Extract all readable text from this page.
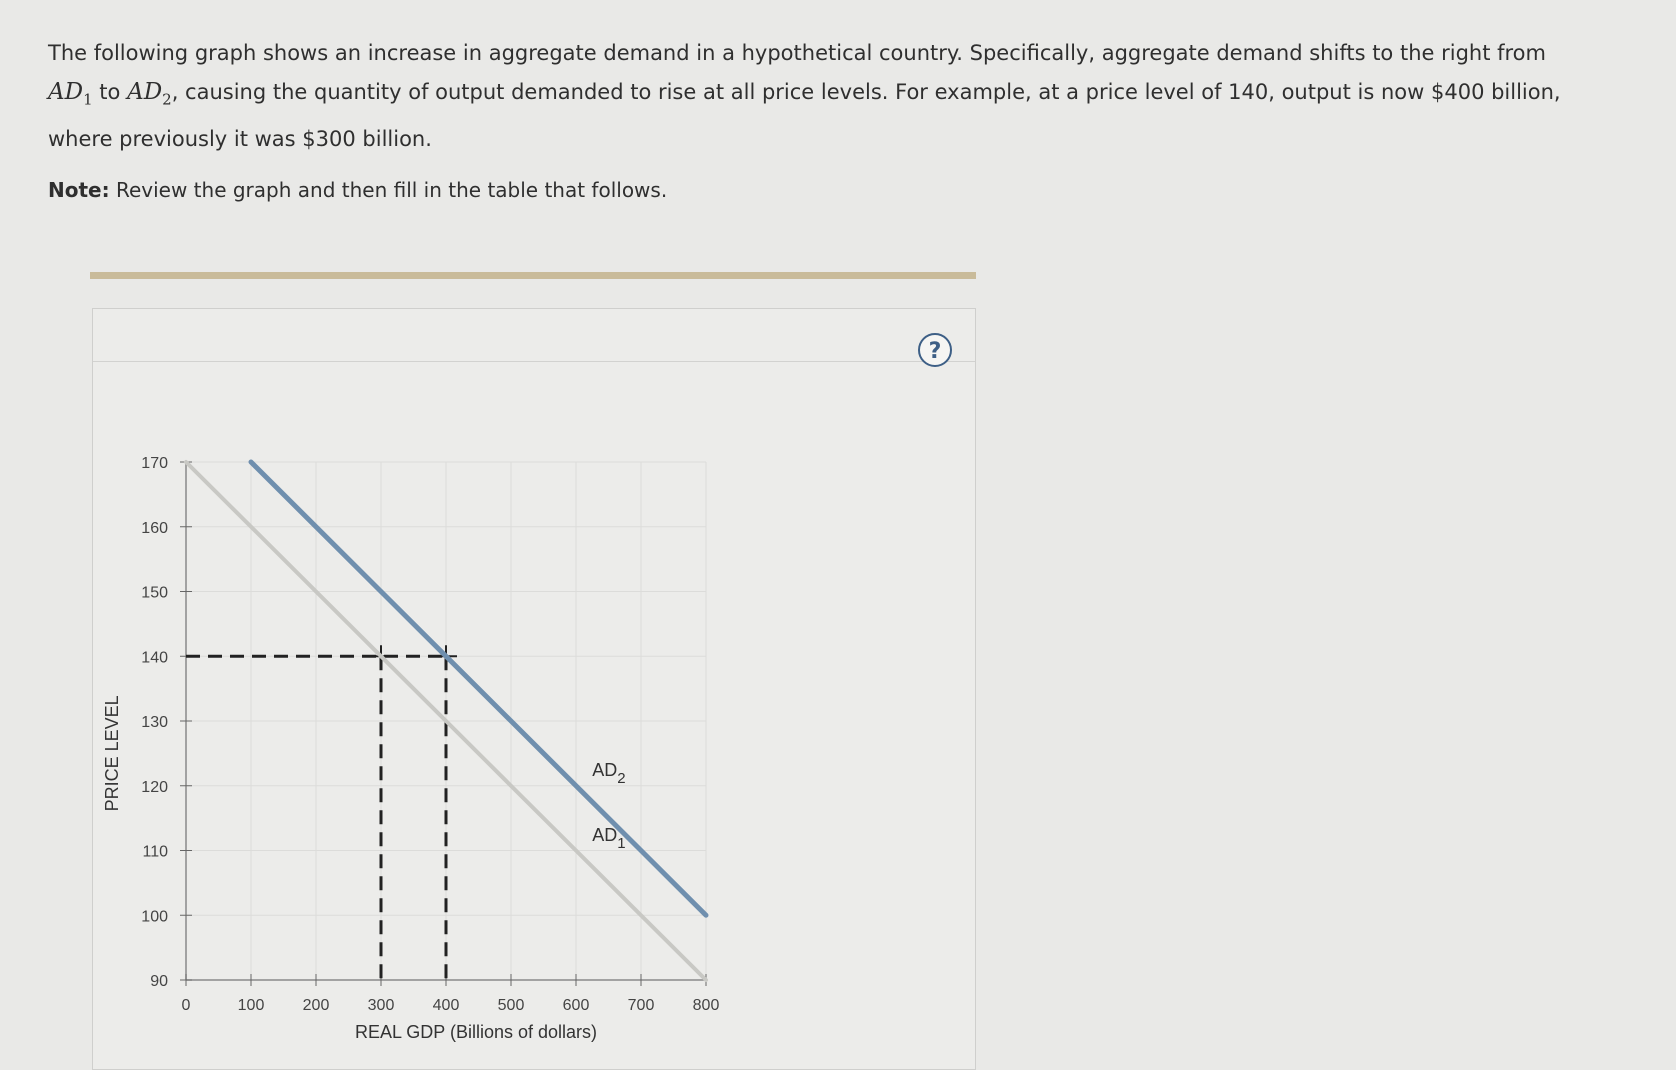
The following graph shows an increase in aggregate demand in a hypothetical country. Specifically, aggregate demand shifts to the right from $AD_1$ to $AD_2$, causing the quantity of output demanded to rise at all price levels. For example, at a price level of 140, output is now $400 billion, where previously it was $300 billion.

Note: Review the graph and then fill in the table that follows.

?
90
100
110
120
130
140
150
160
170
0	100 200 300 400 500 600 700 800
REAL GDP (Billions of dollars)
PRICE LEVEL
$AD_1$
$AD_2$
